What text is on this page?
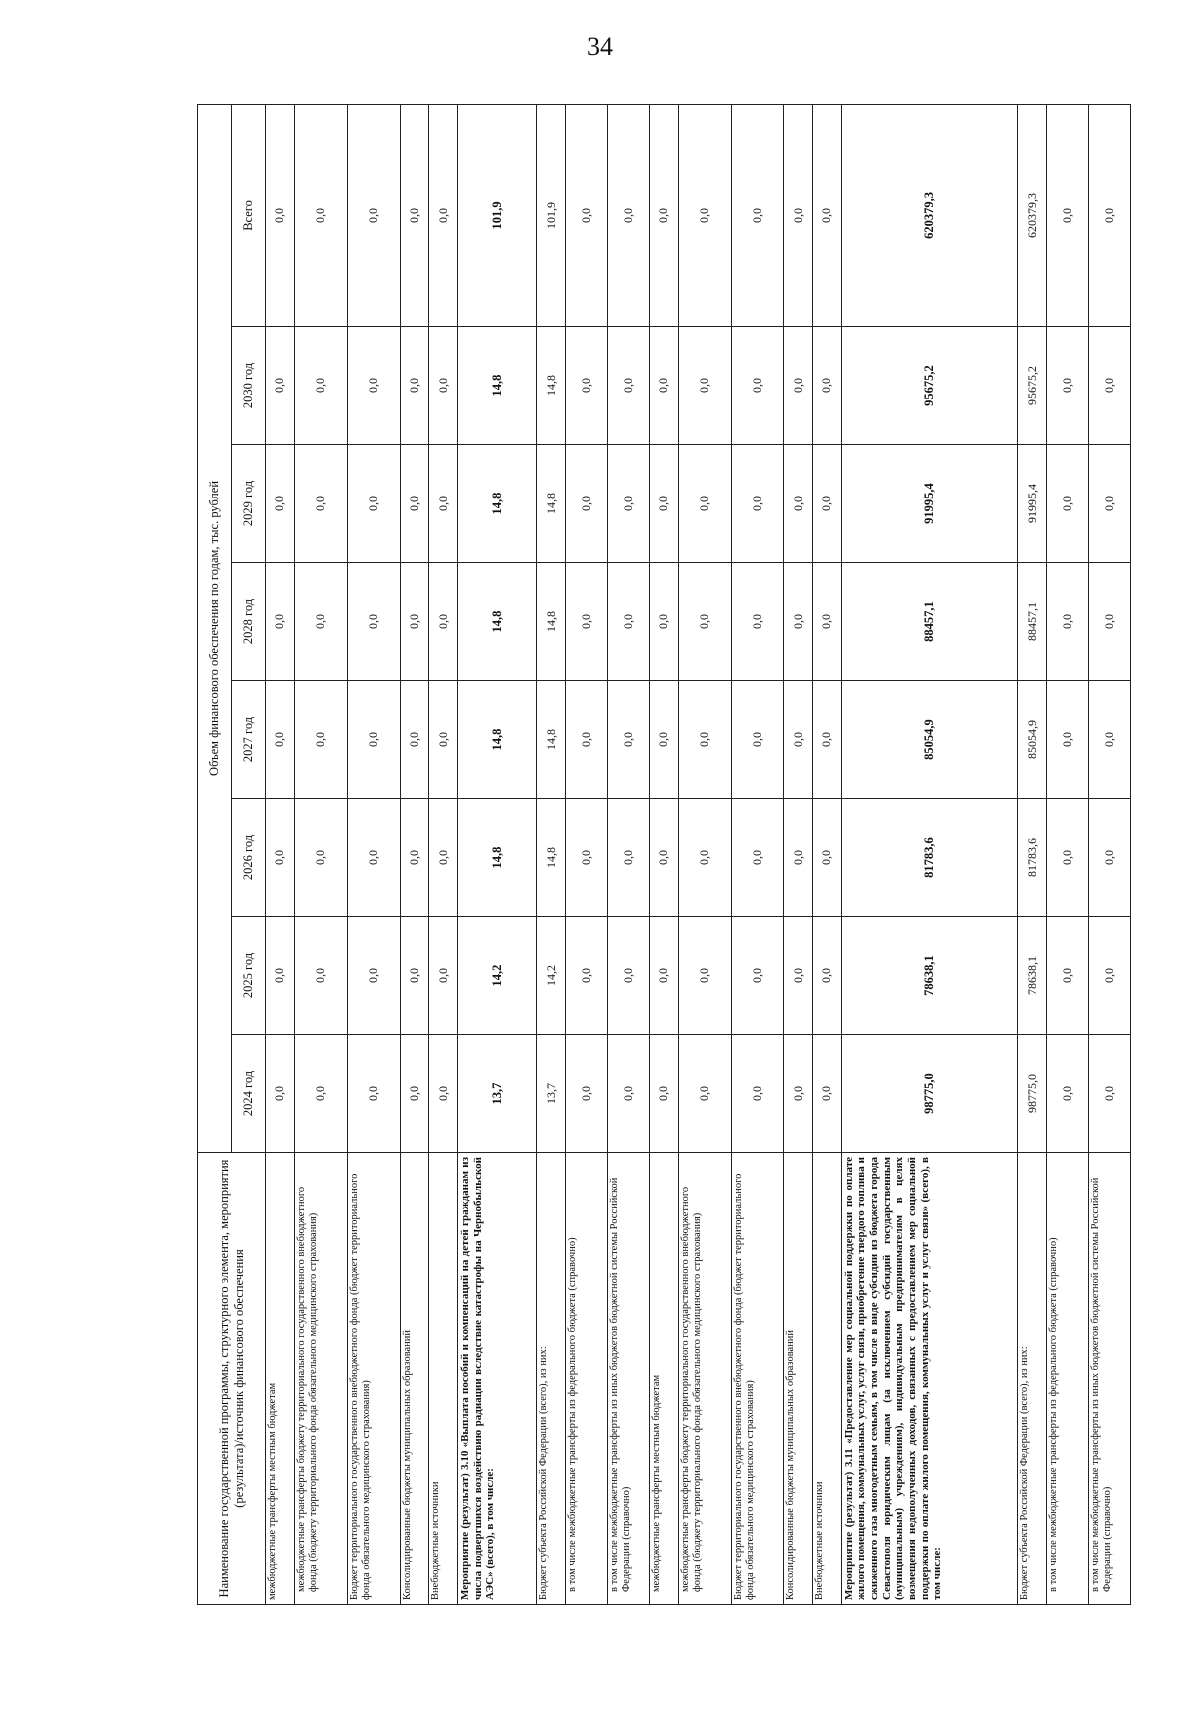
34
Наименование государственной программы, структурного элемента, мероприятия (результата)/источник финансового обеспечения	Объем финансового обеспечения по годам, тыс. рублей							
	2024 год	2025 год	2026 год	2027 год	2028 год	2029 год	2030 год	Всего
межбюджетные трансферты местным бюджетам	0,0	0,0	0,0	0,0	0,0	0,0	0,0	0,0
межбюджетные трансферты бюджету территориального государственного внебюджетного фонда (бюджету территориального фонда обязательного медицинского страхования)	0,0	0,0	0,0	0,0	0,0	0,0	0,0	0,0
Бюджет территориального государственного внебюджетного фонда (бюджет территориального фонда обязательного медицинского страхования)	0,0	0,0	0,0	0,0	0,0	0,0	0,0	0,0
Консолидированные бюджеты муниципальных образований	0,0	0,0	0,0	0,0	0,0	0,0	0,0	0,0
Внебюджетные источники	0,0	0,0	0,0	0,0	0,0	0,0	0,0	0,0
Мероприятие (результат) 3.10 «Выплата пособий и компенсаций на детей гражданам из числа подвергшихся воздействию радиации вследствие катастрофы на Чернобыльской АЭС» (всего), в том числе:	13,7	14,2	14,8	14,8	14,8	14,8	14,8	101,9
Бюджет субъекта Российской Федерации (всего), из них:	13,7	14,2	14,8	14,8	14,8	14,8	14,8	101,9
в том числе межбюджетные трансферты из федерального бюджета (справочно)	0,0	0,0	0,0	0,0	0,0	0,0	0,0	0,0
в том числе межбюджетные трансферты из иных бюджетов бюджетной системы Российской Федерации (справочно)	0,0	0,0	0,0	0,0	0,0	0,0	0,0	0,0
межбюджетные трансферты местным бюджетам	0,0	0,0	0,0	0,0	0,0	0,0	0,0	0,0
межбюджетные трансферты бюджету территориального государственного внебюджетного фонда (бюджету территориального фонда обязательного медицинского страхования)	0,0	0,0	0,0	0,0	0,0	0,0	0,0	0,0
Бюджет территориального государственного внебюджетного фонда (бюджет территориального фонда обязательного медицинского страхования)	0,0	0,0	0,0	0,0	0,0	0,0	0,0	0,0
Консолидированные бюджеты муниципальных образований	0,0	0,0	0,0	0,0	0,0	0,0	0,0	0,0
Внебюджетные источники	0,0	0,0	0,0	0,0	0,0	0,0	0,0	0,0
Мероприятие (результат) 3.11 «Предоставление мер социальной поддержки по оплате жилого помещения, коммунальных услуг, услуг связи, приобретение твердого топлива и сжиженного газа многодетным семьям, в том числе в виде субсидии из бюджета города Севастополя юридическим лицам (за исключением субсидий государственным (муниципальным) учреждениям), индивидуальным предпринимателям в целях возмещения недополученных доходов, связанных с предоставлением мер социальной поддержки по оплате жилого помещения, коммунальных услуг и услуг связи» (всего), в том числе:	98775,0	78638,1	81783,6	85054,9	88457,1	91995,4	95675,2	620379,3
Бюджет субъекта Российской Федерации (всего), из них:	98775,0	78638,1	81783,6	85054,9	88457,1	91995,4	95675,2	620379,3
в том числе межбюджетные трансферты из федерального бюджета (справочно)	0,0	0,0	0,0	0,0	0,0	0,0	0,0	0,0
в том числе межбюджетные трансферты из иных бюджетов бюджетной системы Российской Федерации (справочно)	0,0	0,0	0,0	0,0	0,0	0,0	0,0	0,0
